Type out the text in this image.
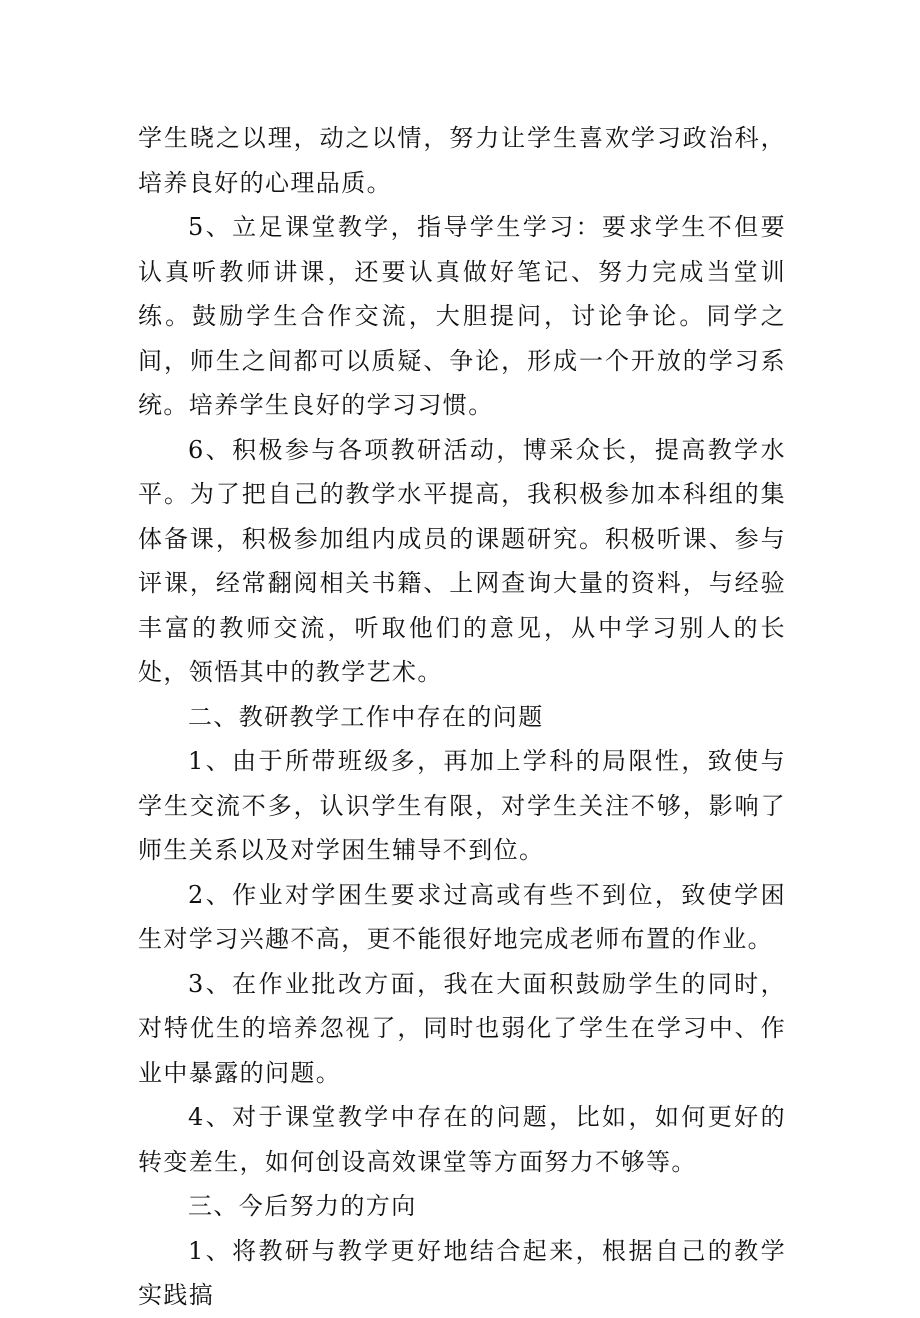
学生晓之以理，动之以情，努力让学生喜欢学习政治科，培养良好的心理品质。

5、立足课堂教学，指导学生学习：要求学生不但要认真听教师讲课，还要认真做好笔记、努力完成当堂训练。鼓励学生合作交流，大胆提问，讨论争论。同学之间，师生之间都可以质疑、争论，形成一个开放的学习系统。培养学生良好的学习习惯。

6、积极参与各项教研活动，博采众长，提高教学水平。为了把自己的教学水平提高，我积极参加本科组的集体备课，积极参加组内成员的课题研究。积极听课、参与评课，经常翻阅相关书籍、上网查询大量的资料，与经验丰富的教师交流，听取他们的意见，从中学习别人的长处，领悟其中的教学艺术。

二、教研教学工作中存在的问题

1、由于所带班级多，再加上学科的局限性，致使与学生交流不多，认识学生有限，对学生关注不够，影响了师生关系以及对学困生辅导不到位。

2、作业对学困生要求过高或有些不到位，致使学困生对学习兴趣不高，更不能很好地完成老师布置的作业。

3、在作业批改方面，我在大面积鼓励学生的同时，对特优生的培养忽视了，同时也弱化了学生在学习中、作业中暴露的问题。

4、对于课堂教学中存在的问题，比如，如何更好的转变差生，如何创设高效课堂等方面努力不够等。

三、今后努力的方向

1、将教研与教学更好地结合起来，根据自己的教学实践搞
